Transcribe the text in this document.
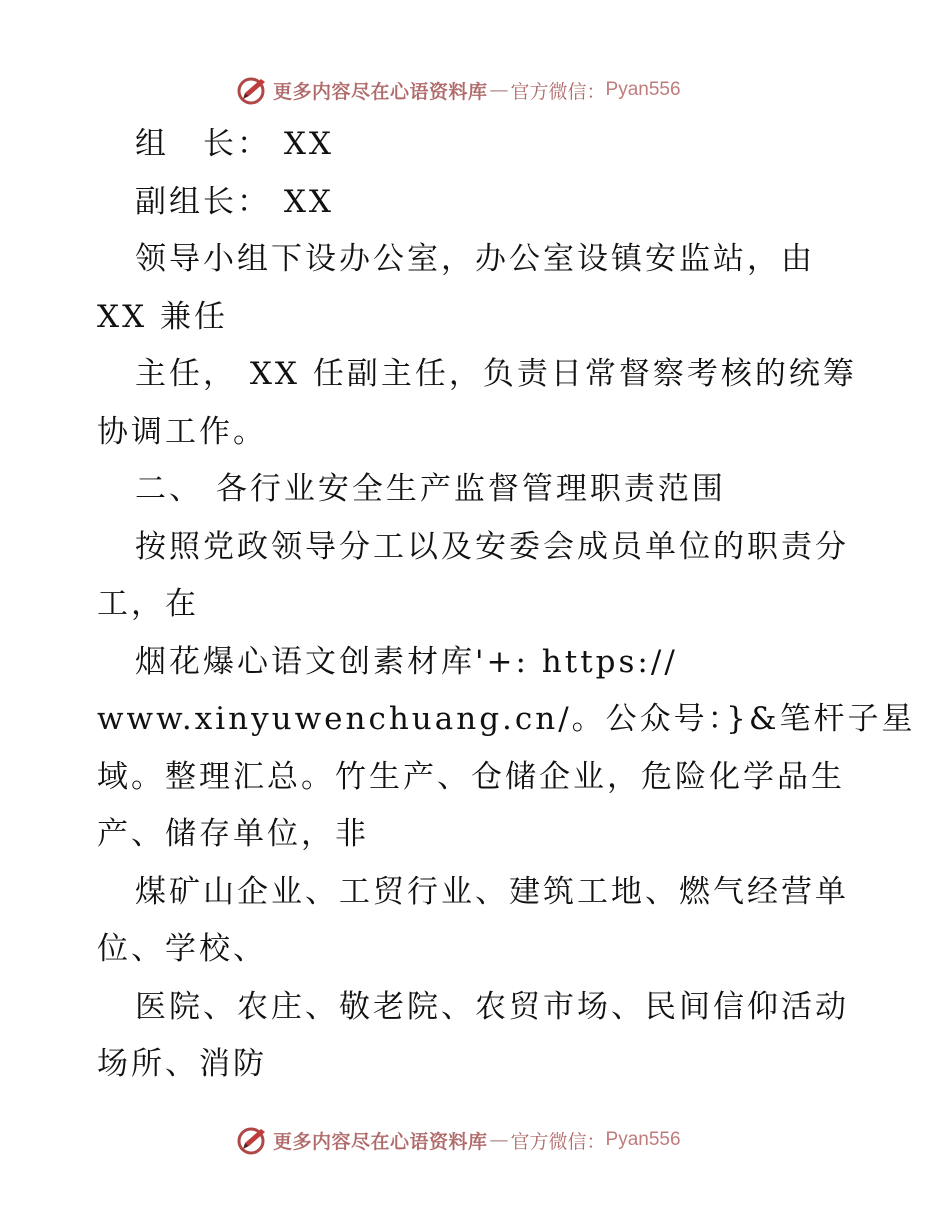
更多内容尽在心语资料库 — 官方微信： Pyan556
组　长： XX
副组长： XX
领导小组下设办公室，办公室设镇安监站，由
XX 兼任
主任， XX 任副主任，负责日常督察考核的统筹
协调工作。
二、 各行业安全生产监督管理职责范围
按照党政领导分工以及安委会成员单位的职责分
工，在
烟花爆心语文创素材库'+: https://
www.xinyuwenchuang.cn/。公众号：}&笔杆子星
域。整理汇总。竹生产、仓储企业，危险化学品生
产、储存单位，非
煤矿山企业、工贸行业、建筑工地、燃气经营单
位、学校、
医院、农庄、敬老院、农贸市场、民间信仰活动
场所、消防
更多内容尽在心语资料库 — 官方微信： Pyan556
